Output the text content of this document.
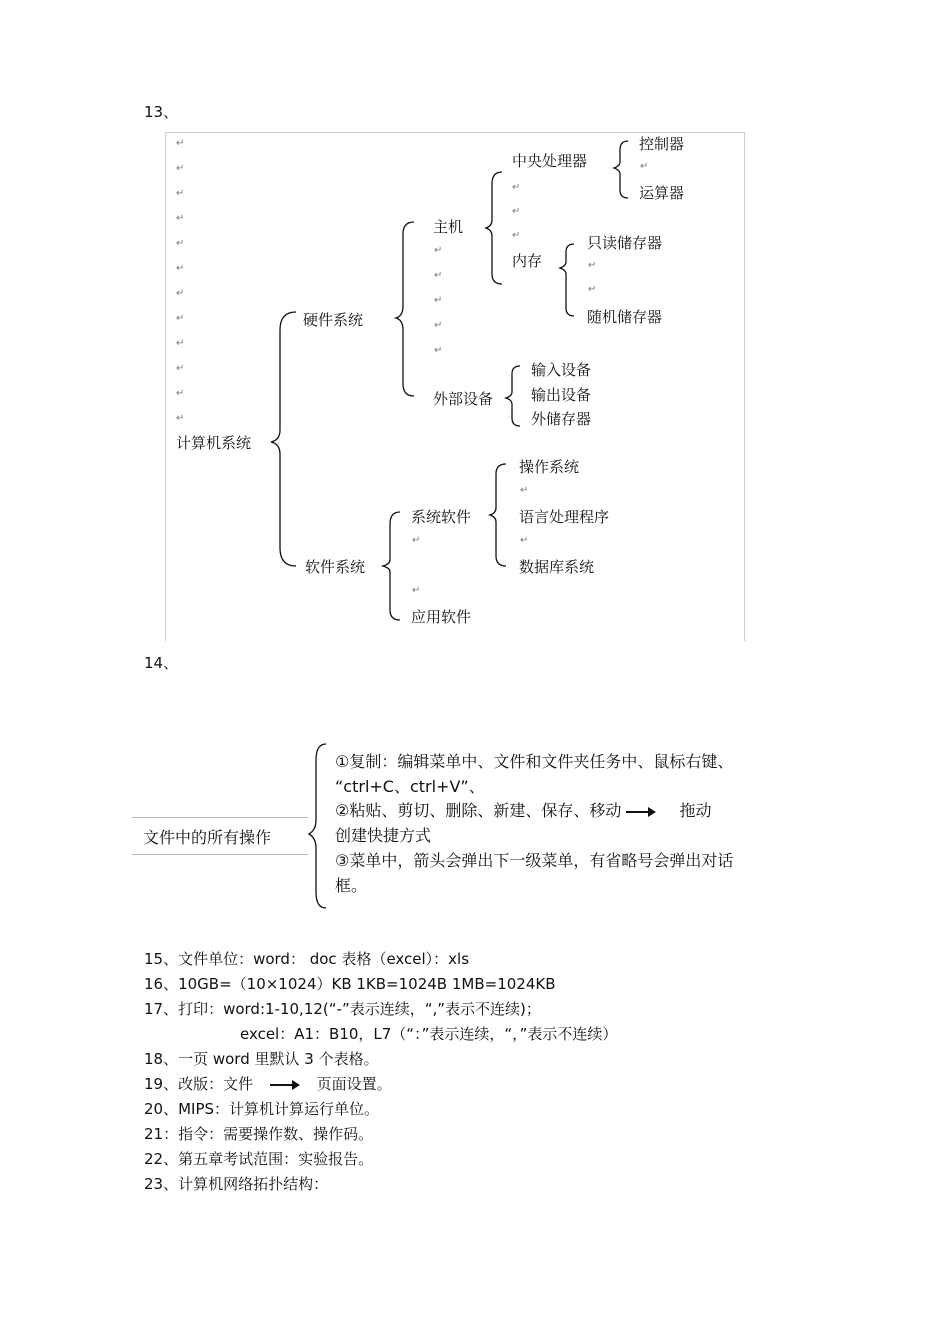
13、
↵
↵
↵
↵
↵
↵
↵
↵
↵
↵
↵
↵
计算机系统
硬件系统
主机
↵
↵
↵
↵
↵
中央处理器
↵
↵
↵
控制器
↵
运算器
内存
只读储存器
↵
↵
随机储存器
外部设备
输入设备
输出设备
外储存器
软件系统
系统软件
↵
↵
操作系统
↵
语言处理程序
↵
数据库系统
应用软件
14、
文件中的所有操作
①复制：编辑菜单中、文件和文件夹任务中、鼠标右键、
“ctrl+C、ctrl+V”、
②粘贴、剪切、删除、新建、保存、移动	拖动
创建快捷方式
③菜单中，箭头会弹出下一级菜单，有省略号会弹出对话
框。
15、文件单位：word： doc 表格（excel）：xls
16、10GB=（10×1024）KB 1KB=1024B 1MB=1024KB
17、打印：word:1-10,12(“-”表示连续，“,”表示不连续)；
excel：A1：B10，L7（“：”表示连续，“，”表示不连续）
18、一页 word 里默认 3 个表格。
19、改版：文件	页面设置。
20、MIPS：计算机计算运行单位。
21：指令：需要操作数、操作码。
22、第五章考试范围：实验报告。
23、计算机网络拓扑结构：
